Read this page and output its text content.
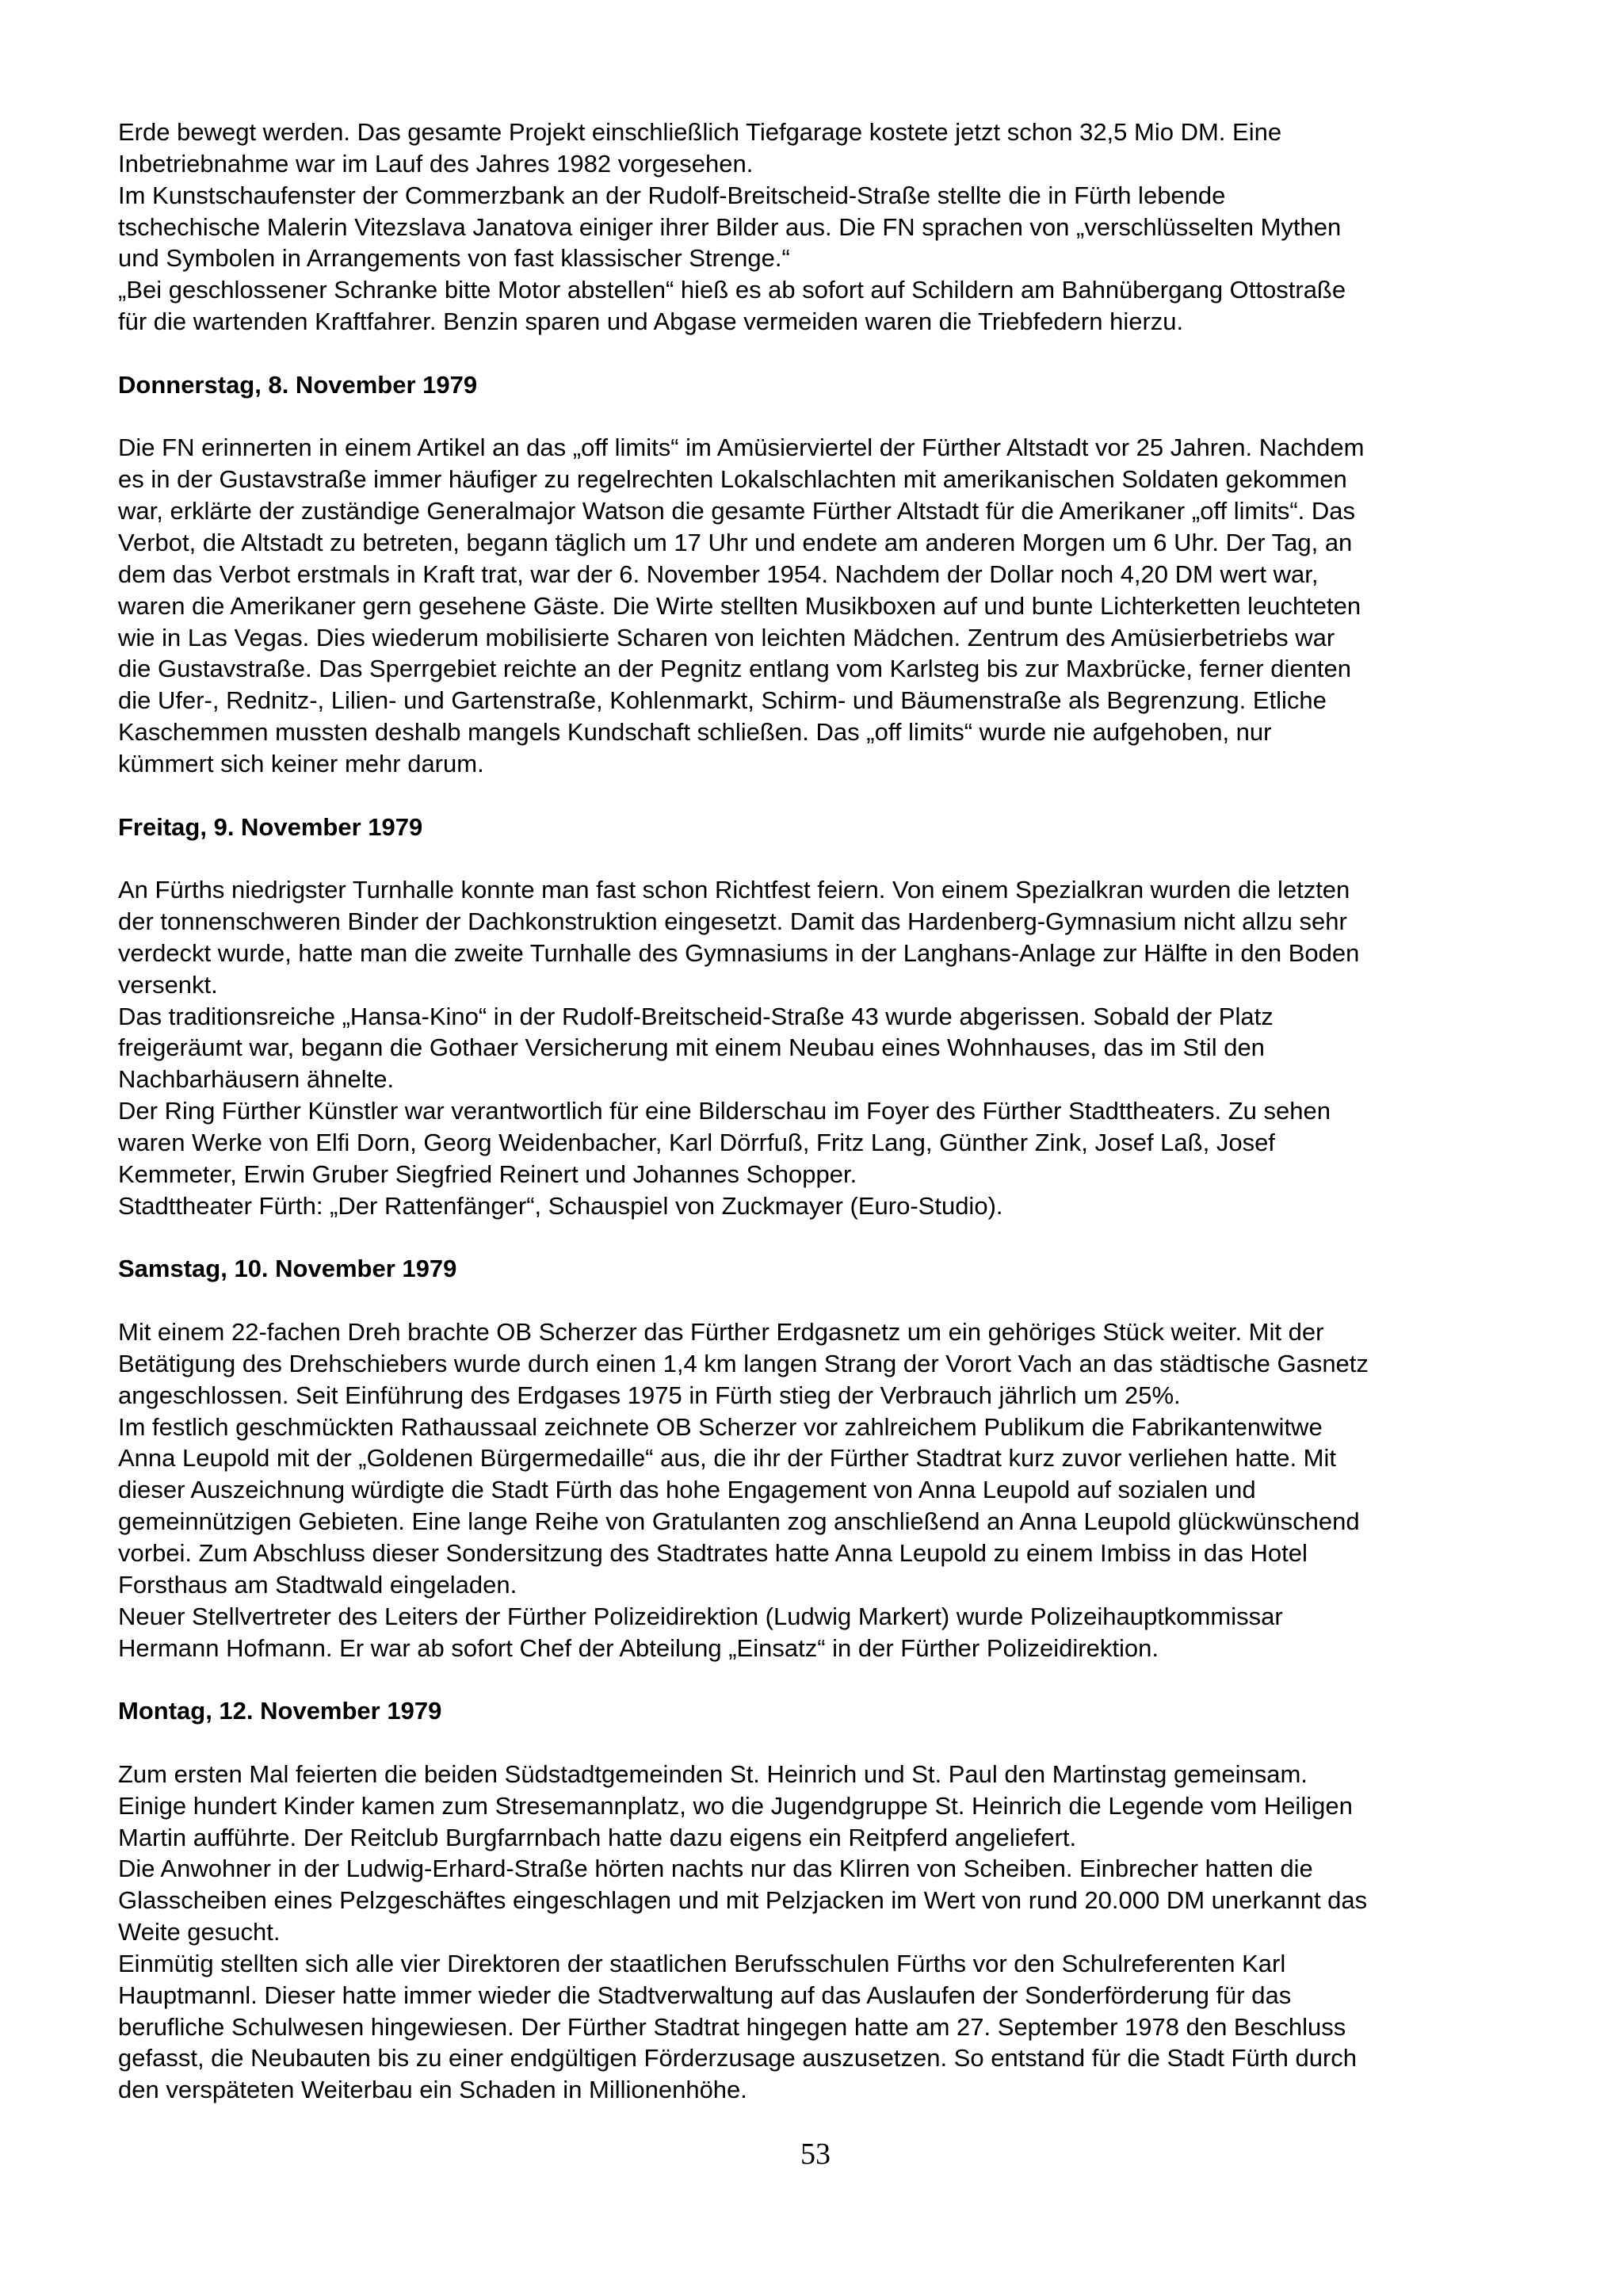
Erde bewegt werden. Das gesamte Projekt einschließlich Tiefgarage kostete jetzt schon 32,5 Mio DM. Eine
Inbetriebnahme war im Lauf des Jahres 1982 vorgesehen.
Im Kunstschaufenster der Commerzbank an der Rudolf-Breitscheid-Straße stellte die in Fürth lebende
tschechische Malerin Vitezslava Janatova einiger ihrer Bilder aus. Die FN sprachen von „verschlüsselten Mythen
und Symbolen in Arrangements von fast klassischer Strenge.“
„Bei geschlossener Schranke bitte Motor abstellen“ hieß es ab sofort auf Schildern am Bahnübergang Ottostraße
für die wartenden Kraftfahrer. Benzin sparen und Abgase vermeiden waren die Triebfedern hierzu.
Donnerstag, 8. November 1979
Die FN erinnerten in einem Artikel an das „off limits“ im Amüsierviertel der Fürther Altstadt vor 25 Jahren. Nachdem
es in der Gustavstraße immer häufiger zu regelrechten Lokalschlachten mit amerikanischen Soldaten gekommen
war, erklärte der zuständige Generalmajor Watson die gesamte Fürther Altstadt für die Amerikaner „off limits“. Das
Verbot, die Altstadt zu betreten, begann täglich um 17 Uhr und endete am anderen Morgen um 6 Uhr. Der Tag, an
dem das Verbot erstmals in Kraft trat, war der 6. November 1954. Nachdem der Dollar noch 4,20 DM wert war,
waren die Amerikaner gern gesehene Gäste. Die Wirte stellten Musikboxen auf und bunte Lichterketten leuchteten
wie in Las Vegas. Dies wiederum mobilisierte Scharen von leichten Mädchen. Zentrum des Amüsierbetriebs war
die Gustavstraße. Das Sperrgebiet reichte an der Pegnitz entlang vom Karlsteg bis zur Maxbrücke, ferner dienten
die Ufer-, Rednitz-, Lilien- und Gartenstraße, Kohlenmarkt, Schirm- und Bäumenstraße als Begrenzung. Etliche
Kaschemmen mussten deshalb mangels Kundschaft schließen. Das „off limits“ wurde nie aufgehoben, nur
kümmert sich keiner mehr darum.
Freitag, 9. November 1979
An Fürths niedrigster Turnhalle konnte man fast schon Richtfest feiern. Von einem Spezialkran wurden die letzten
der tonnenschweren Binder der Dachkonstruktion eingesetzt. Damit das Hardenberg-Gymnasium nicht allzu sehr
verdeckt wurde, hatte man die zweite Turnhalle des Gymnasiums in der Langhans-Anlage zur Hälfte in den Boden
versenkt.
Das traditionsreiche „Hansa-Kino“ in der Rudolf-Breitscheid-Straße 43 wurde abgerissen. Sobald der Platz
freigeräumt war, begann die Gothaer Versicherung mit einem Neubau eines Wohnhauses, das im Stil den
Nachbarhäusern ähnelte.
Der Ring Fürther Künstler war verantwortlich für eine Bilderschau im Foyer des Fürther Stadttheaters. Zu sehen
waren Werke von Elfi Dorn, Georg Weidenbacher, Karl Dörrfuß, Fritz Lang, Günther Zink, Josef Laß, Josef
Kemmeter, Erwin Gruber Siegfried Reinert und Johannes Schopper.
Stadttheater Fürth: „Der Rattenfänger“, Schauspiel von Zuckmayer (Euro-Studio).
Samstag, 10. November 1979
Mit einem 22-fachen Dreh brachte OB Scherzer das Fürther Erdgasnetz um ein gehöriges Stück weiter. Mit der
Betätigung des Drehschiebers wurde durch einen 1,4 km langen Strang der Vorort Vach an das städtische Gasnetz
angeschlossen. Seit Einführung des Erdgases 1975 in Fürth stieg der Verbrauch jährlich um 25%.
Im festlich geschmückten Rathaussaal zeichnete OB Scherzer vor zahlreichem Publikum die Fabrikantenwitwe
Anna Leupold mit der „Goldenen Bürgermedaille“ aus, die ihr der Fürther Stadtrat kurz zuvor verliehen hatte. Mit
dieser Auszeichnung würdigte die Stadt Fürth das hohe Engagement von Anna Leupold auf sozialen und
gemeinnützigen Gebieten. Eine lange Reihe von Gratulanten zog anschließend an Anna Leupold glückwünschend
vorbei. Zum Abschluss dieser Sondersitzung des Stadtrates hatte Anna Leupold zu einem Imbiss in das Hotel
Forsthaus am Stadtwald eingeladen.
Neuer Stellvertreter des Leiters der Fürther Polizeidirektion (Ludwig Markert) wurde Polizeihauptkommissar
Hermann Hofmann. Er war ab sofort Chef der Abteilung „Einsatz“ in der Fürther Polizeidirektion.
Montag, 12. November 1979
Zum ersten Mal feierten die beiden Südstadtgemeinden St. Heinrich und St. Paul den Martinstag gemeinsam.
Einige hundert Kinder kamen zum Stresemannplatz, wo die Jugendgruppe St. Heinrich die Legende vom Heiligen
Martin aufführte. Der Reitclub Burgfarrnbach hatte dazu eigens ein Reitpferd angeliefert.
Die Anwohner in der Ludwig-Erhard-Straße hörten nachts nur das Klirren von Scheiben. Einbrecher hatten die
Glasscheiben eines Pelzgeschäftes eingeschlagen und mit Pelzjacken im Wert von rund 20.000 DM unerkannt das
Weite gesucht.
Einmütig stellten sich alle vier Direktoren der staatlichen Berufsschulen Fürths vor den Schulreferenten Karl
Hauptmannl. Dieser hatte immer wieder die Stadtverwaltung auf das Auslaufen der Sonderförderung für das
berufliche Schulwesen hingewiesen. Der Fürther Stadtrat hingegen hatte am 27. September 1978 den Beschluss
gefasst, die Neubauten bis zu einer endgültigen Förderzusage auszusetzen. So entstand für die Stadt Fürth durch
den verspäteten Weiterbau ein Schaden in Millionenhöhe.
53
